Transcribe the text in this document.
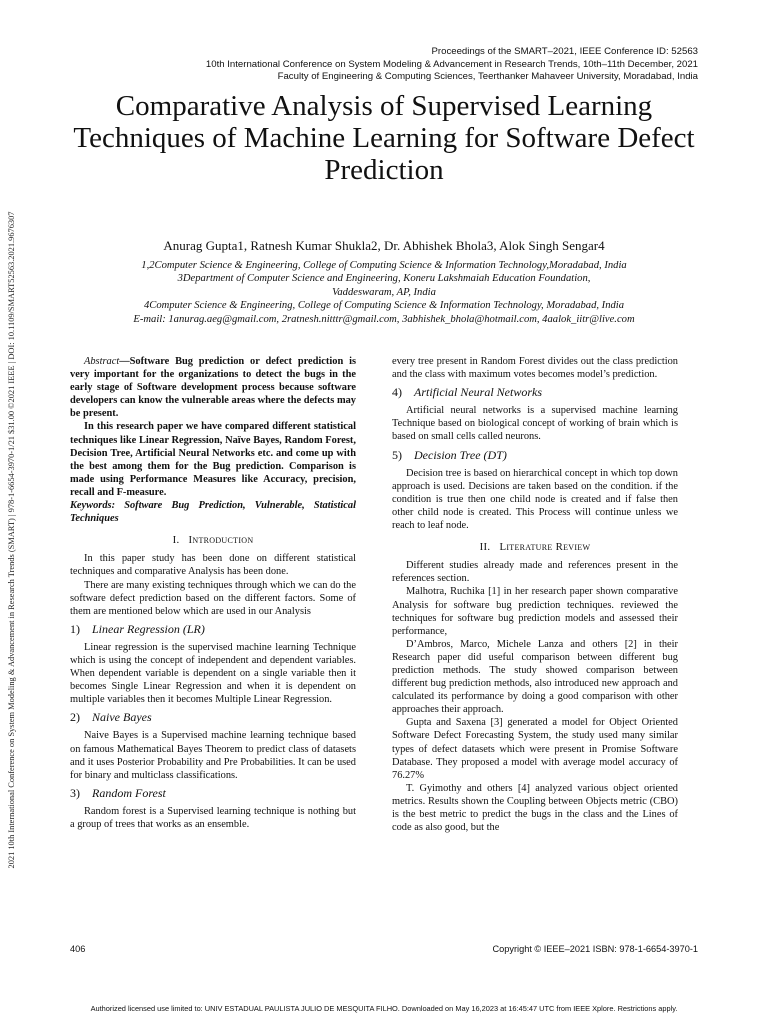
Proceedings of the SMART–2021, IEEE Conference ID: 52563
10th International Conference on System Modeling & Advancement in Research Trends, 10th–11th December, 2021
Faculty of Engineering & Computing Sciences, Teerthanker Mahaveer University, Moradabad, India
2021 10th International Conference on System Modeling & Advancement in Research Trends (SMART) | 978-1-6654-3970-1/21 $31.00 ©2021 IEEE | DOI: 10.1109/SMART52563.2021.9676307
Comparative Analysis of Supervised Learning Techniques of Machine Learning for Software Defect Prediction
Anurag Gupta1, Ratnesh Kumar Shukla2, Dr. Abhishek Bhola3, Alok Singh Sengar4

1,2Computer Science & Engineering, College of Computing Science & Information Technology,Moradabad, India

3Department of Computer Science and Engineering, Koneru Lakshmaiah Education Foundation,

Vaddeswaram, AP, India

4Computer Science & Engineering, College of Computing Science & Information Technology, Moradabad, India

E-mail: 1anurag.aeg@gmail.com, 2ratnesh.nitttr@gmail.com, 3abhishek_bhola@hotmail.com, 4aalok_iitr@live.com

Abstract—Software Bug prediction or defect prediction is very important for the organizations to detect the bugs in the early stage of Software development process because software developers can know the vulnerable areas where the defects may be present.

In this research paper we have compared different statistical techniques like Linear Regression, Naïve Bayes, Random Forest, Decision Tree, Artificial Neural Networks etc. and come up with the best among them for the Bug prediction. Comparison is made using Performance Measures like Accuracy, precision, recall and F-measure.

Keywords: Software Bug Prediction, Vulnerable, Statistical Techniques

I. Introduction

In this paper study has been done on different statistical techniques and comparative Analysis has been done.

There are many existing techniques through which we can do the software defect prediction based on the different factors. Some of them are mentioned below which are used in our Analysis

1) Linear Regression (LR)

Linear regression is the supervised machine learning Technique which is using the concept of independent and dependent variables. When dependent variable is dependent on a single variable then it becomes Single Linear Regression and when it is dependent on multiple variables then it becomes Multiple Linear Regression.

2) Naive Bayes

Naive Bayes is a Supervised machine learning technique based on famous Mathematical Bayes Theorem to predict class of datasets and it uses Posterior Probability and Pre Probabilities. It can be used for binary and multiclass classifications.

3) Random Forest

Random forest is a Supervised learning technique is nothing but a group of trees that works as an ensemble.

every tree present in Random Forest divides out the class prediction and the class with maximum votes becomes model’s prediction.

4) Artificial Neural Networks

Artificial neural networks is a supervised machine learning Technique based on biological concept of working of brain which is based on small cells called neurons.

5) Decision Tree (DT)

Decision tree is based on hierarchical concept in which top down approach is used. Decisions are taken based on the condition. if the condition is true then one child node is created and if false then other child node is created. This Process will continue unless we reach to leaf node.

II. Literature Review

Different studies already made and references present in the references section.

Malhotra, Ruchika [1] in her research paper shown comparative Analysis for software bug prediction techniques. reviewed the techniques for software bug prediction models and assessed their performance,

D’Ambros, Marco, Michele Lanza and others [2] in their Research paper did useful comparison between different bug prediction methods. The study showed comparison between different bug prediction methods, also introduced new approach and calculated its performance by doing a good comparison with other approaches their approach.

Gupta and Saxena [3] generated a model for Object Oriented Software Defect Forecasting System, the study used many similar types of defect datasets which were present in Promise Software Database. They proposed a model with average model accuracy of 76.27%

T. Gyimothy and others [4] analyzed various object oriented metrics. Results shown the Coupling between Objects metric (CBO) is the best metric to predict the bugs in the class and the Lines of code as also good, but the

406	Copyright © IEEE–2021 ISBN: 978-1-6654-3970-1
Authorized licensed use limited to: UNIV ESTADUAL PAULISTA JULIO DE MESQUITA FILHO. Downloaded on May 16,2023 at 16:45:47 UTC from IEEE Xplore. Restrictions apply.
